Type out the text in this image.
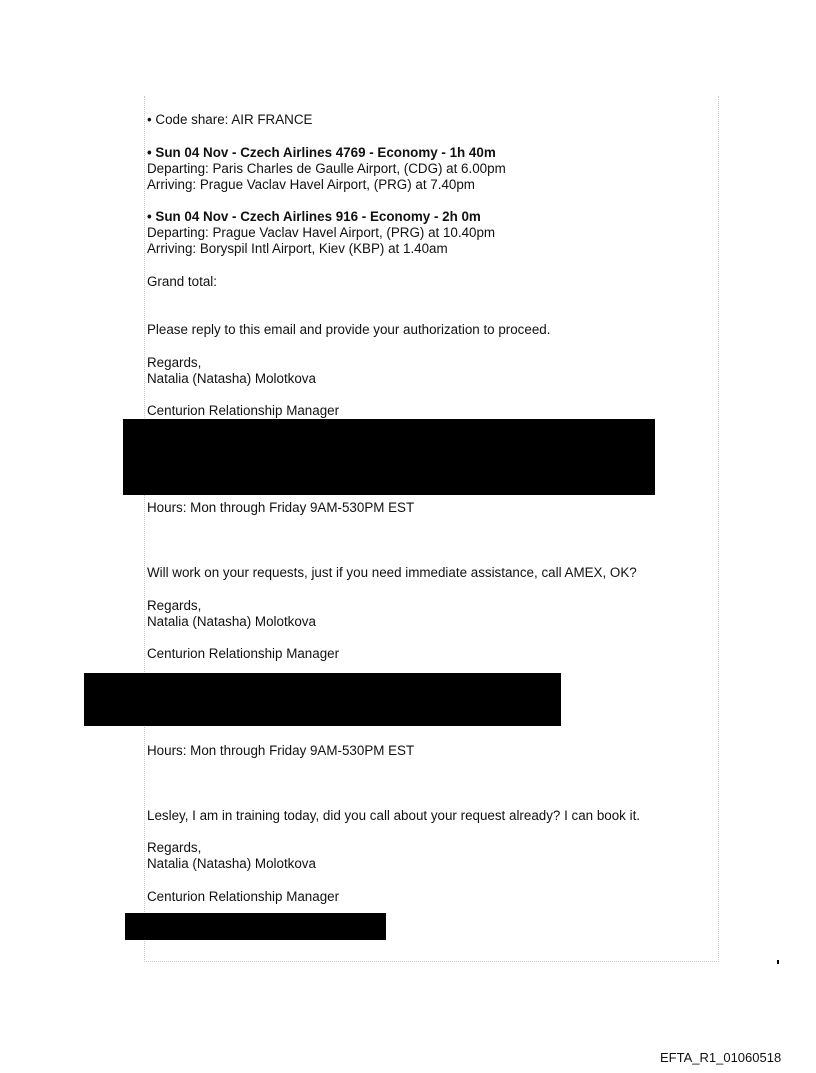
• Code share: AIR FRANCE
• Sun 04 Nov - Czech Airlines 4769 - Economy - 1h 40m
Departing: Paris Charles de Gaulle Airport, (CDG) at 6.00pm
Arriving: Prague Vaclav Havel Airport, (PRG) at 7.40pm
• Sun 04 Nov - Czech Airlines 916 - Economy - 2h 0m
Departing: Prague Vaclav Havel Airport, (PRG) at 10.40pm
Arriving: Boryspil Intl Airport, Kiev (KBP) at 1.40am
Grand total:
Please reply to this email and provide your authorization to proceed.
Regards,
Natalia (Natasha) Molotkova
Centurion Relationship Manager
Hours: Mon through Friday 9AM-530PM EST
Will work on your requests, just if you need immediate assistance, call AMEX, OK?
Regards,
Natalia (Natasha) Molotkova
Centurion Relationship Manager
Hours: Mon through Friday 9AM-530PM EST
Lesley, I am in training today, did you call about your request already? I can book it.
Regards,
Natalia (Natasha) Molotkova
Centurion Relationship Manager
EFTA_R1_01060518
